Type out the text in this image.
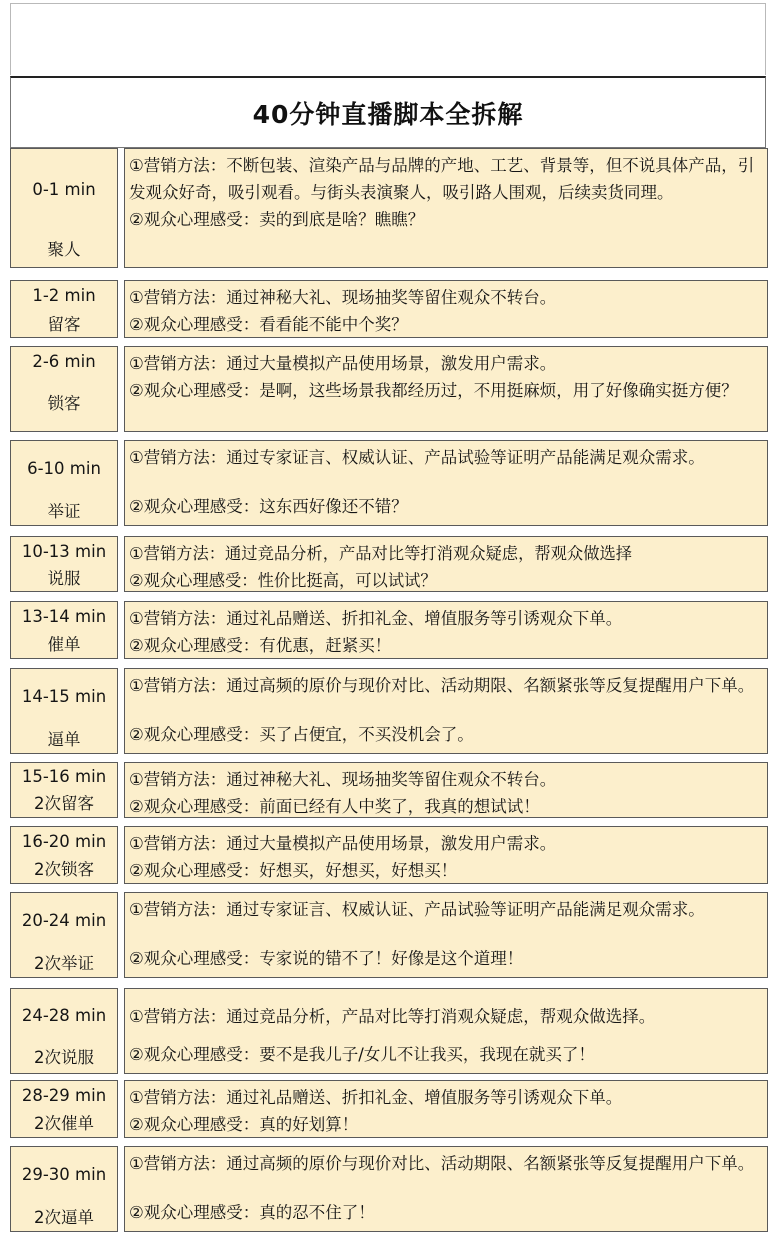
40分钟直播脚本全拆解
0-1 min
聚人
①营销方法：不断包装、渲染产品与品牌的产地、工艺、背景等，但不说具体产品，引发观众好奇，吸引观看。与街头表演聚人，吸引路人围观，后续卖货同理。
②观众心理感受：卖的到底是啥？瞧瞧？
1-2 min
留客
①营销方法：通过神秘大礼、现场抽奖等留住观众不转台。
②观众心理感受：看看能不能中个奖？
2-6 min
锁客
①营销方法：通过大量模拟产品使用场景，激发用户需求。
②观众心理感受：是啊，这些场景我都经历过，不用挺麻烦，用了好像确实挺方便？
6-10 min
举证
①营销方法：通过专家证言、权威认证、产品试验等证明产品能满足观众需求。
②观众心理感受：这东西好像还不错？
10-13 min
说服
①营销方法：通过竞品分析，产品对比等打消观众疑虑，帮观众做选择
②观众心理感受：性价比挺高，可以试试？
13-14 min
催单
①营销方法：通过礼品赠送、折扣礼金、增值服务等引诱观众下单。
②观众心理感受：有优惠，赶紧买！
14-15 min
逼单
①营销方法：通过高频的原价与现价对比、活动期限、名额紧张等反复提醒用户下单。
②观众心理感受：买了占便宜，不买没机会了。
15-16 min
2次留客
①营销方法：通过神秘大礼、现场抽奖等留住观众不转台。
②观众心理感受：前面已经有人中奖了，我真的想试试！
16-20 min
2次锁客
①营销方法：通过大量模拟产品使用场景，激发用户需求。
②观众心理感受：好想买，好想买，好想买！
20-24 min
2次举证
①营销方法：通过专家证言、权威认证、产品试验等证明产品能满足观众需求。
②观众心理感受：专家说的错不了！好像是这个道理！
24-28 min
2次说服
①营销方法：通过竞品分析，产品对比等打消观众疑虑，帮观众做选择。
②观众心理感受：要不是我儿子/女儿不让我买，我现在就买了！
28-29 min
2次催单
①营销方法：通过礼品赠送、折扣礼金、增值服务等引诱观众下单。
②观众心理感受：真的好划算！
29-30 min
2次逼单
①营销方法：通过高频的原价与现价对比、活动期限、名额紧张等反复提醒用户下单。
②观众心理感受：真的忍不住了！
